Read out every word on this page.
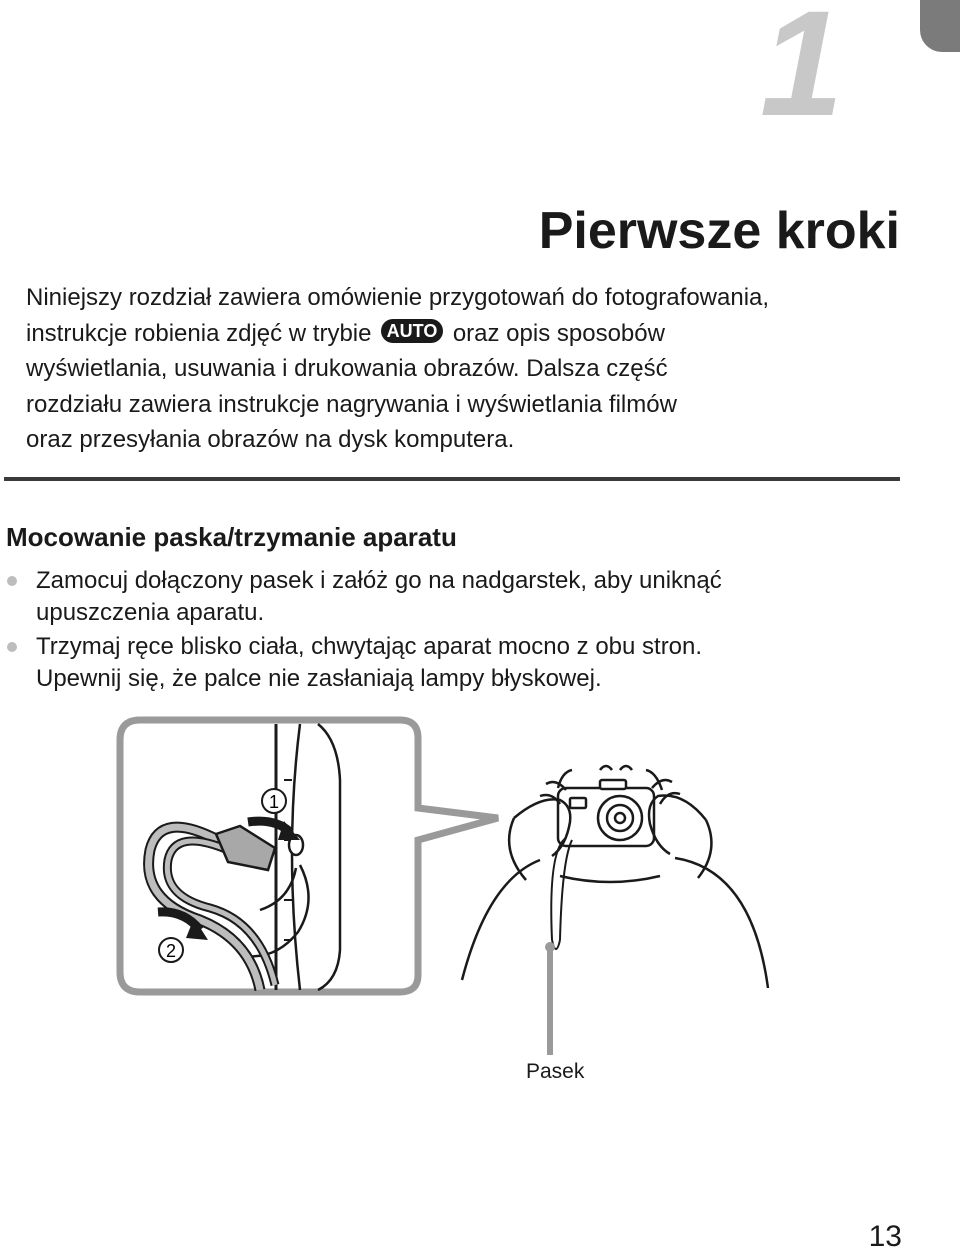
1
Pierwsze kroki

Niniejszy rozdział zawiera omówienie przygotowań do fotografowania,
instrukcje robienia zdjęć w trybie AUTO oraz opis sposobów
wyświetlania, usuwania i drukowania obrazów. Dalsza część
rozdziału zawiera instrukcje nagrywania i wyświetlania filmów
oraz przesyłania obrazów na dysk komputera.

Mocowanie paska/trzymanie aparatu
Zamocuj dołączony pasek i załóż go na nadgarstek, aby uniknąć
upuszczenia aparatu.
Trzymaj ręce blisko ciała, chwytając aparat mocno z obu stron.
Upewnij się, że palce nie zasłaniają lampy błyskowej.
1
2
Pasek
13
